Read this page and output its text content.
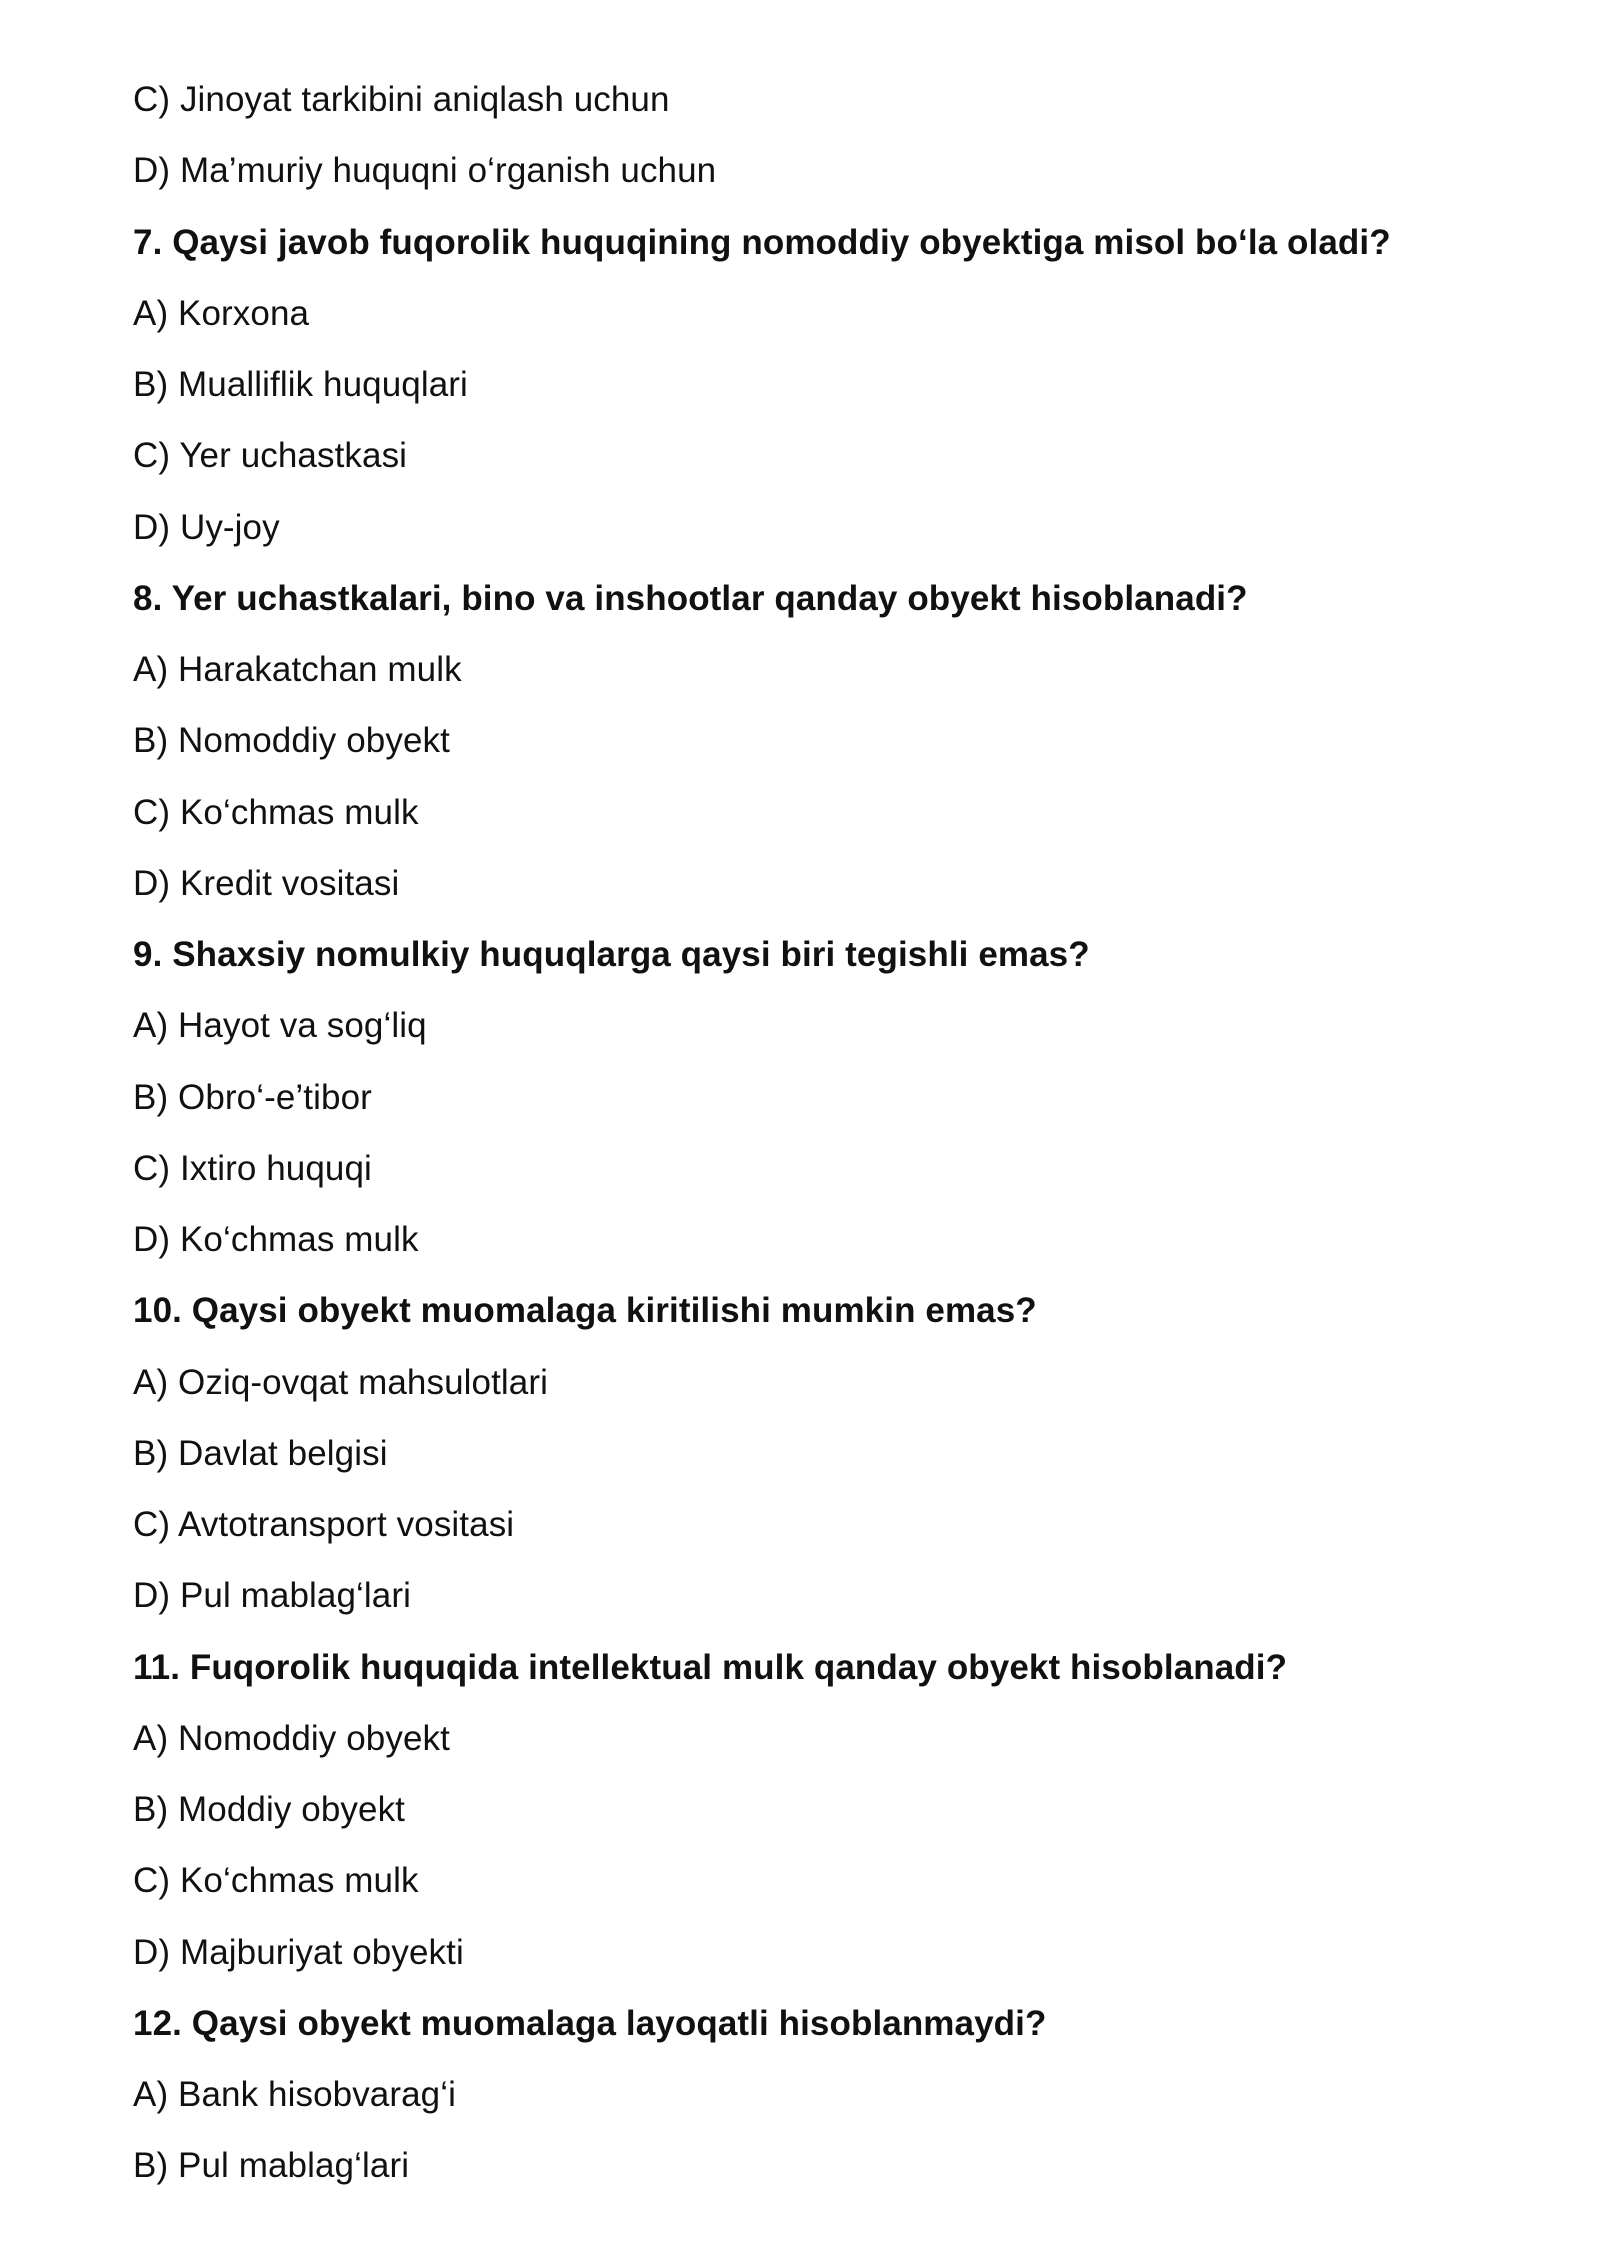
C) Jinoyat tarkibini aniqlash uchun
D) Ma’muriy huquqni o‘rganish uchun
7. Qaysi javob fuqorolik huquqining nomoddiy obyektiga misol bo‘la oladi?
A) Korxona
B) Mualliflik huquqlari
C) Yer uchastkasi
D) Uy-joy
8. Yer uchastkalari, bino va inshootlar qanday obyekt hisoblanadi?
A) Harakatchan mulk
B) Nomoddiy obyekt
C) Ko‘chmas mulk
D) Kredit vositasi
9. Shaxsiy nomulkiy huquqlarga qaysi biri tegishli emas?
A) Hayot va sog‘liq
B) Obro‘-e’tibor
C) Ixtiro huquqi
D) Ko‘chmas mulk
10. Qaysi obyekt muomalaga kiritilishi mumkin emas?
A) Oziq-ovqat mahsulotlari
B) Davlat belgisi
C) Avtotransport vositasi
D) Pul mablag‘lari
11. Fuqorolik huquqida intellektual mulk qanday obyekt hisoblanadi?
A) Nomoddiy obyekt
B) Moddiy obyekt
C) Ko‘chmas mulk
D) Majburiyat obyekti
12. Qaysi obyekt muomalaga layoqatli hisoblanmaydi?
A) Bank hisobvarag‘i
B) Pul mablag‘lari
